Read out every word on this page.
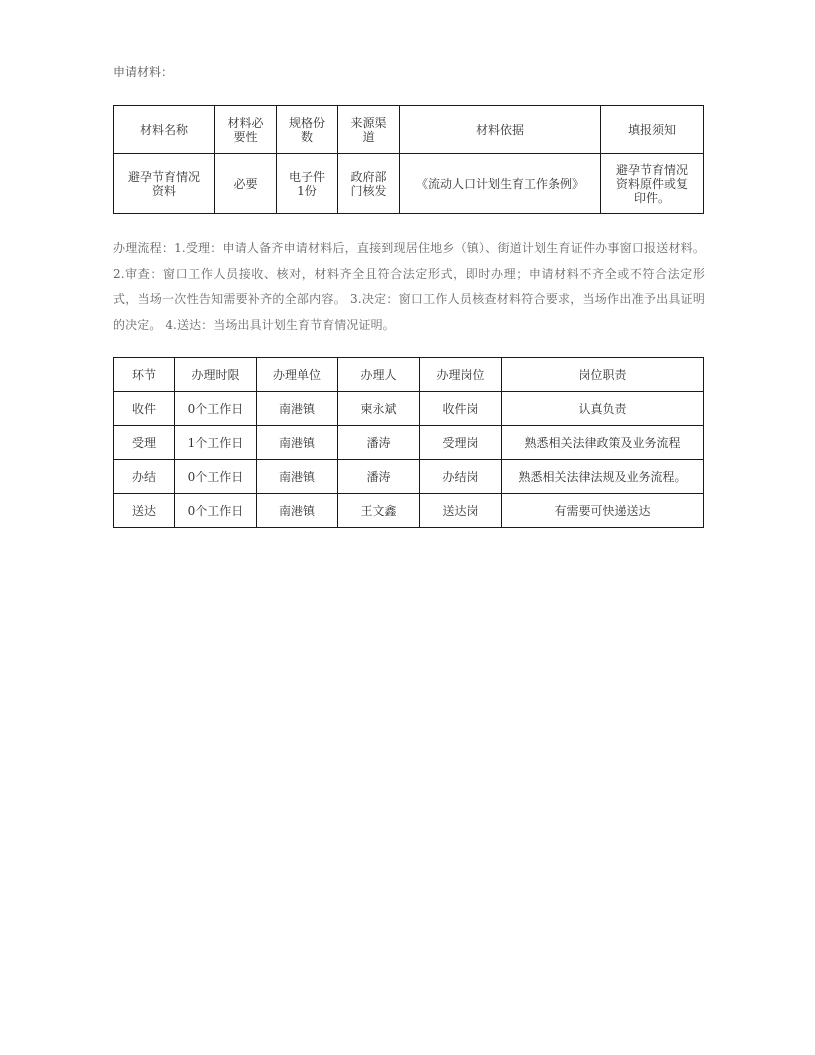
申请材料：

材料名称	材料必要性	规格份数	来源渠道	材料依据	填报须知
避孕节育情况资料	必要	电子件1份	政府部门核发	《流动人口计划生育工作条例》	避孕节育情况资料原件或复印件。

办理流程：1.受理：申请人备齐申请材料后，直接到现居住地乡（镇）、街道计划生育证件办事窗口报送材料。2.审查：窗口工作人员接收、核对，材料齐全且符合法定形式，即时办理；申请材料不齐全或不符合法定形式，当场一次性告知需要补齐的全部内容。 3.决定：窗口工作人员核查材料符合要求，当场作出准予出具证明的决定。 4.送达：当场出具计划生育节育情况证明。

环节	办理时限	办理单位	办理人	办理岗位	岗位职责
收件	0个工作日	南港镇	柬永斌	收件岗	认真负责
受理	1个工作日	南港镇	潘涛	受理岗	熟悉相关法律政策及业务流程
办结	0个工作日	南港镇	潘涛	办结岗	熟悉相关法律法规及业务流程。
送达	0个工作日	南港镇	王文鑫	送达岗	有需要可快递送达
